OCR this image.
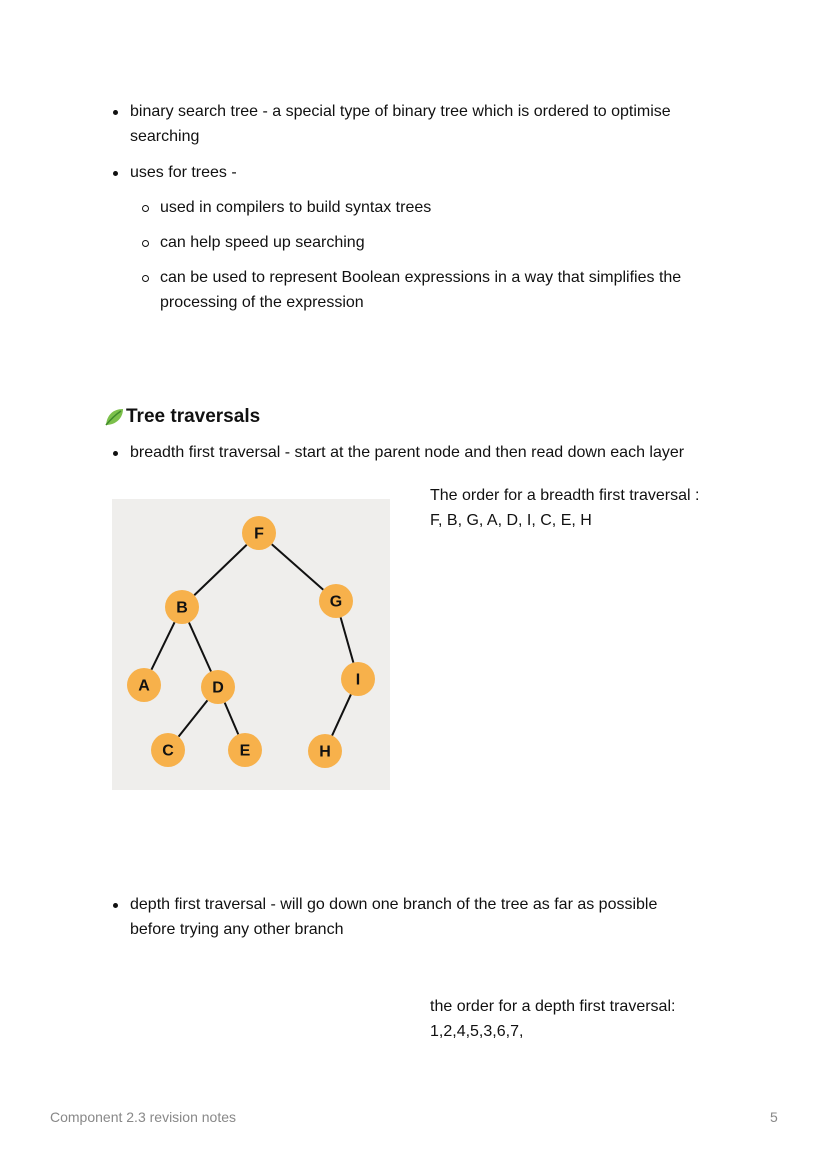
binary search tree - a special type of binary tree which is ordered to optimise
searching
uses for trees -
used in compilers to build syntax trees
can help speed up searching
can be used to represent Boolean expressions in a way that simplifies the
processing of the expression
Tree traversals
breadth first traversal - start at the parent node and then read down each layer
F
B	G
A	D	I
C	E	H
The order for a breadth first traversal :
F, B, G, A, D, I, C, E, H
depth first traversal - will go down one branch of the tree as far as possible
before trying any other branch
the order for a depth first traversal:
1,2,4,5,3,6,7,
Component 2.3 revision notes	5
